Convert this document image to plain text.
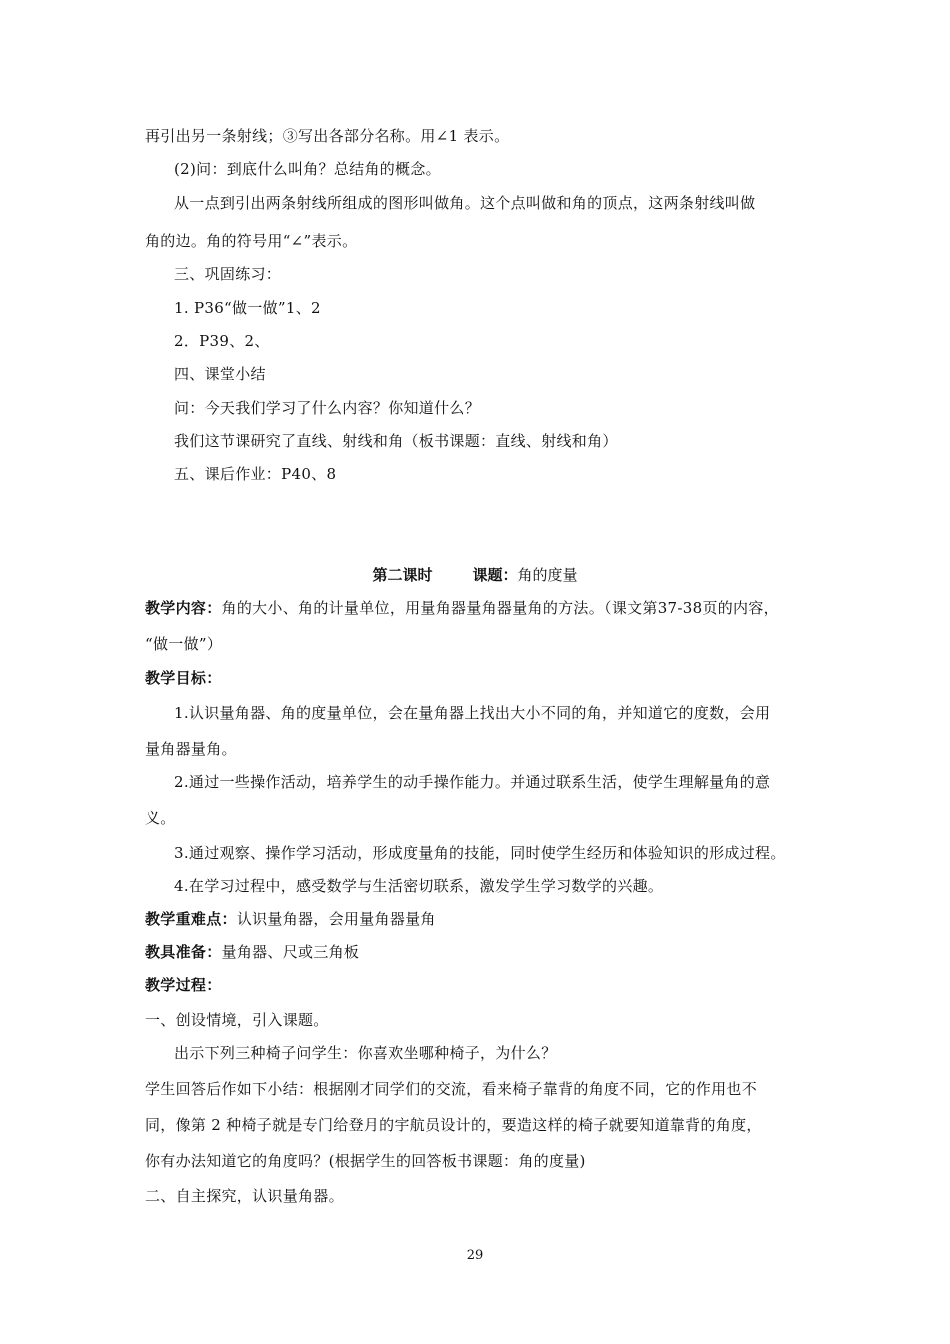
再引出另一条射线；③写出各部分名称。用∠1 表示。
(2)问：到底什么叫角？总结角的概念。
从一点到引出两条射线所组成的图形叫做角。这个点叫做和角的顶点，这两条射线叫做
角的边。角的符号用“∠”表示。
三、巩固练习：
1. P36“做一做”1、2
2．P39、2、
四、课堂小结
问：今天我们学习了什么内容？你知道什么？
我们这节课研究了直线、射线和角（板书课题：直线、射线和角）
五、课后作业：P40、8
第二课时	课题：角的度量
教学内容：角的大小、角的计量单位，用量角器量角器量角的方法。（课文第37-38页的内容，
“做一做”）
教学目标：
1.认识量角器、角的度量单位，会在量角器上找出大小不同的角，并知道它的度数，会用
量角器量角。
2.通过一些操作活动，培养学生的动手操作能力。并通过联系生活，使学生理解量角的意
义。
3.通过观察、操作学习活动，形成度量角的技能，同时使学生经历和体验知识的形成过程。
4.在学习过程中，感受数学与生活密切联系，激发学生学习数学的兴趣。
教学重难点：认识量角器，会用量角器量角
教具准备：量角器、尺或三角板
教学过程：
一、创设情境，引入课题。
出示下列三种椅子问学生：你喜欢坐哪种椅子，为什么？
学生回答后作如下小结：根据刚才同学们的交流，看来椅子靠背的角度不同，它的作用也不
同，像第 2 种椅子就是专门给登月的宇航员设计的，要造这样的椅子就要知道靠背的角度，
你有办法知道它的角度吗？(根据学生的回答板书课题：角的度量)
二、自主探究，认识量角器。
29
